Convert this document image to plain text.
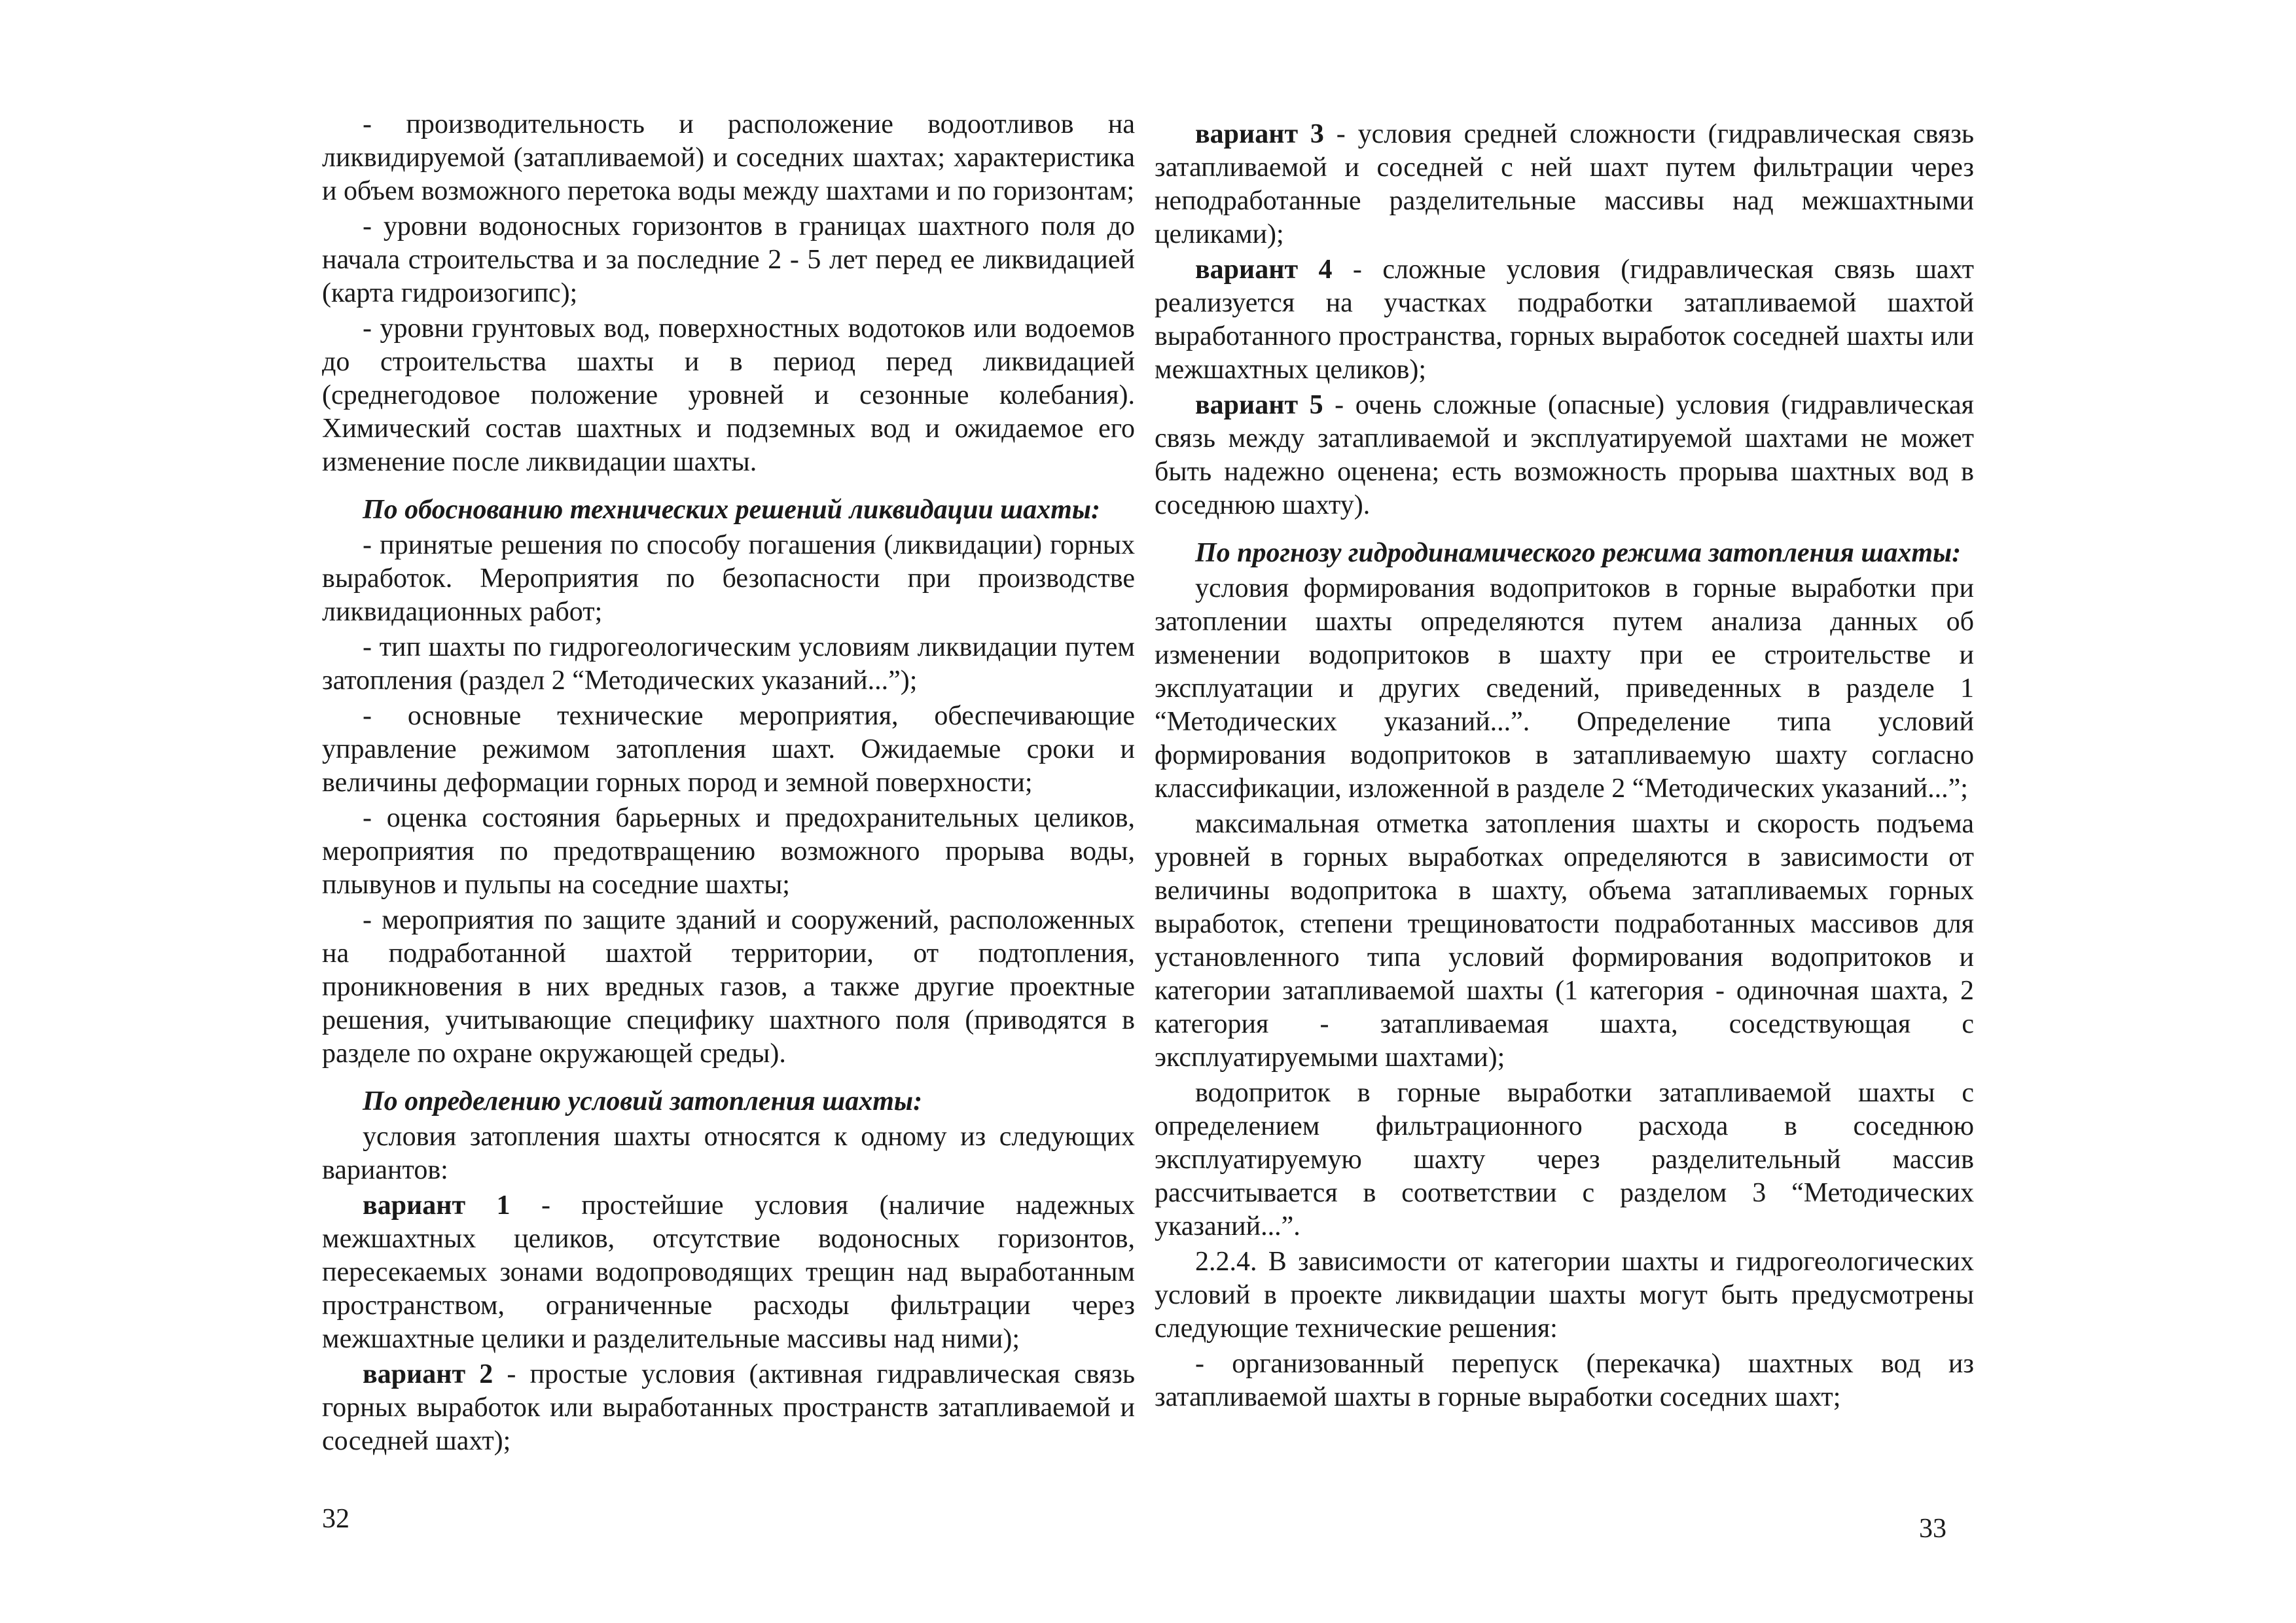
- производительность и расположение водоотливов на ликвидируемой (затапливаемой) и соседних шахтах; характеристика и объем возможного перетока воды между шахтами и по горизонтам;

- уровни водоносных горизонтов в границах шахтного поля до начала строительства и за последние 2 - 5 лет перед ее ликвидацией (карта гидроизогипс);

- уровни грунтовых вод, поверхностных водотоков или водоемов до строительства шахты и в период перед ликвидацией (среднегодовое положение уровней и сезонные колебания). Химический состав шахтных и подземных вод и ожидаемое его изменение после ликвидации шахты.

По обоснованию технических решений ликвидации шахты:

- принятые решения по способу погашения (ликвидации) горных выработок. Мероприятия по безопасности при производстве ликвидационных работ;

- тип шахты по гидрогеологическим условиям ликвидации путем затопления (раздел 2 “Методических указаний...”);

- основные технические мероприятия, обеспечивающие управление режимом затопления шахт. Ожидаемые сроки и величины деформации горных пород и земной поверхности;

- оценка состояния барьерных и предохранительных целиков, мероприятия по предотвращению возможного прорыва воды, плывунов и пульпы на соседние шахты;

- мероприятия по защите зданий и сооружений, расположенных на подработанной шахтой территории, от подтопления, проникновения в них вредных газов, а также другие проектные решения, учитывающие специфику шахтного поля (приводятся в разделе по охране окружающей среды).

По определению условий затопления шахты:

условия затопления шахты относятся к одному из следующих вариантов:

вариант 1 - простейшие условия (наличие надежных межшахтных целиков, отсутствие водоносных горизонтов, пересекаемых зонами водопроводящих трещин над выработанным пространством, ограниченные расходы фильтрации через межшахтные целики и разделительные массивы над ними);

вариант 2 - простые условия (активная гидравлическая связь горных выработок или выработанных пространств затапливаемой и соседней шахт);

32

вариант 3 - условия средней сложности (гидравлическая связь затапливаемой и соседней с ней шахт путем фильтрации через неподработанные разделительные массивы над межшахтными целиками);

вариант 4 - сложные условия (гидравлическая связь шахт реализуется на участках подработки затапливаемой шахтой выработанного пространства, горных выработок соседней шахты или межшахтных целиков);

вариант 5 - очень сложные (опасные) условия (гидравлическая связь между затапливаемой и эксплуатируемой шахтами не может быть надежно оценена; есть возможность прорыва шахтных вод в соседнюю шахту).

По прогнозу гидродинамического режима затопления шахты:

условия формирования водопритоков в горные выработки при затоплении шахты определяются путем анализа данных об изменении водопритоков в шахту при ее строительстве и эксплуатации и других сведений, приведенных в разделе 1 “Методических указаний...”. Определение типа условий формирования водопритоков в затапливаемую шахту согласно классификации, изложенной в разделе 2 “Методических указаний...”;

максимальная отметка затопления шахты и скорость подъема уровней в горных выработках определяются в зависимости от величины водопритока в шахту, объема затапливаемых горных выработок, степени трещиноватости подработанных массивов для установленного типа условий формирования водопритоков и категории затапливаемой шахты (1 категория - одиночная шахта, 2 категория - затапливаемая шахта, соседствующая с эксплуатируемыми шахтами);

водоприток в горные выработки затапливаемой шахты с определением фильтрационного расхода в соседнюю эксплуатируемую шахту через разделительный массив рассчитывается в соответствии с разделом 3 “Методических указаний...”.

2.2.4. В зависимости от категории шахты и гидрогеологических условий в проекте ликвидации шахты могут быть предусмотрены следующие технические решения:

- организованный перепуск (перекачка) шахтных вод из затапливаемой шахты в горные выработки соседних шахт;

33
